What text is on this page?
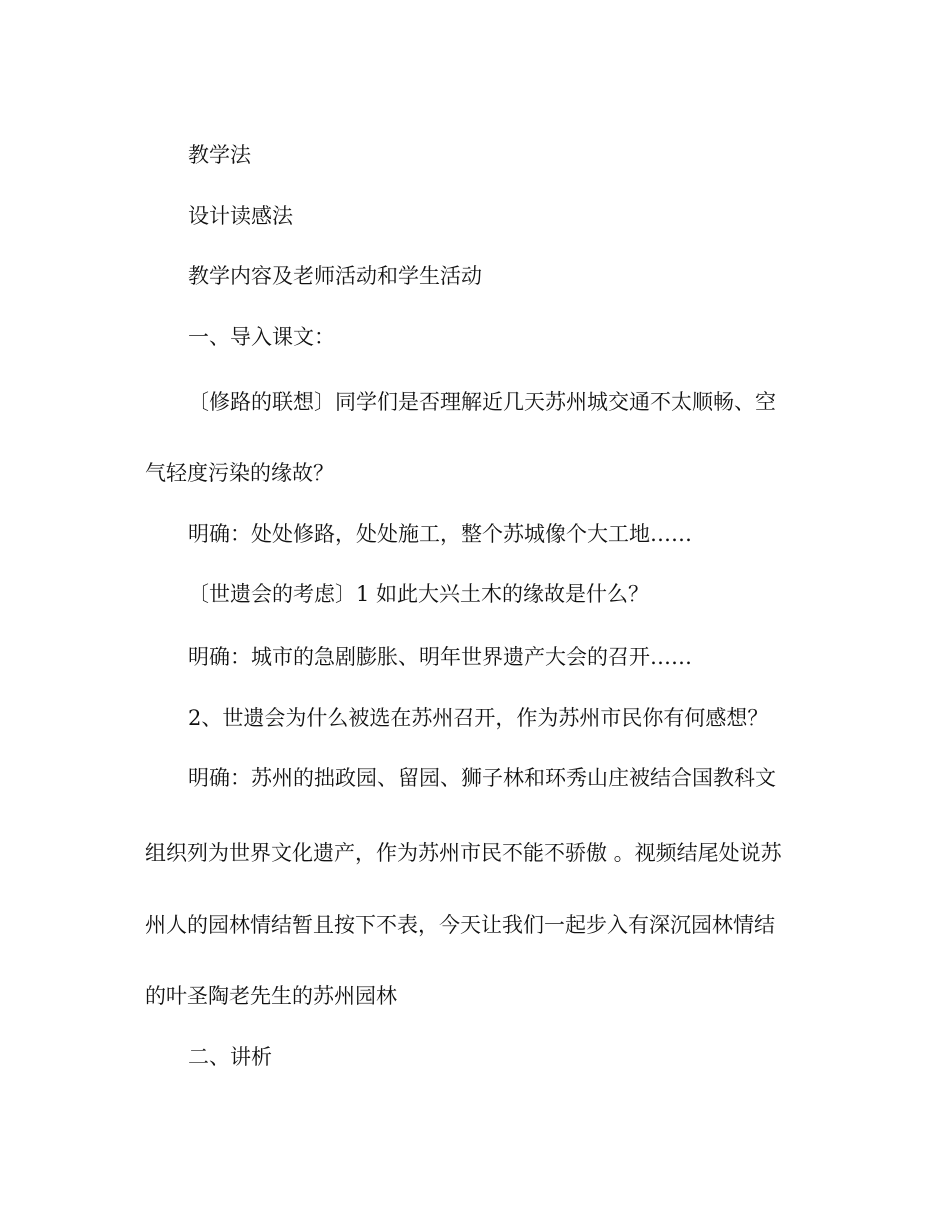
教学法

设计读感法

教学内容及老师活动和学生活动

一、导入课文：

〔修路的联想〕同学们是否理解近几天苏州城交通不太顺畅、空

气轻度污染的缘故？

明确：处处修路，处处施工，整个苏城像个大工地……

〔世遗会的考虑〕1 如此大兴土木的缘故是什么？

明确：城市的急剧膨胀、明年世界遗产大会的召开……

2、世遗会为什么被选在苏州召开，作为苏州市民你有何感想？

明确：苏州的拙政园、留园、狮子林和环秀山庄被结合国教科文

组织列为世界文化遗产，作为苏州市民不能不骄傲 。视频结尾处说苏

州人的园林情结暂且按下不表，今天让我们一起步入有深沉园林情结

的叶圣陶老先生的苏州园林

二、讲析
